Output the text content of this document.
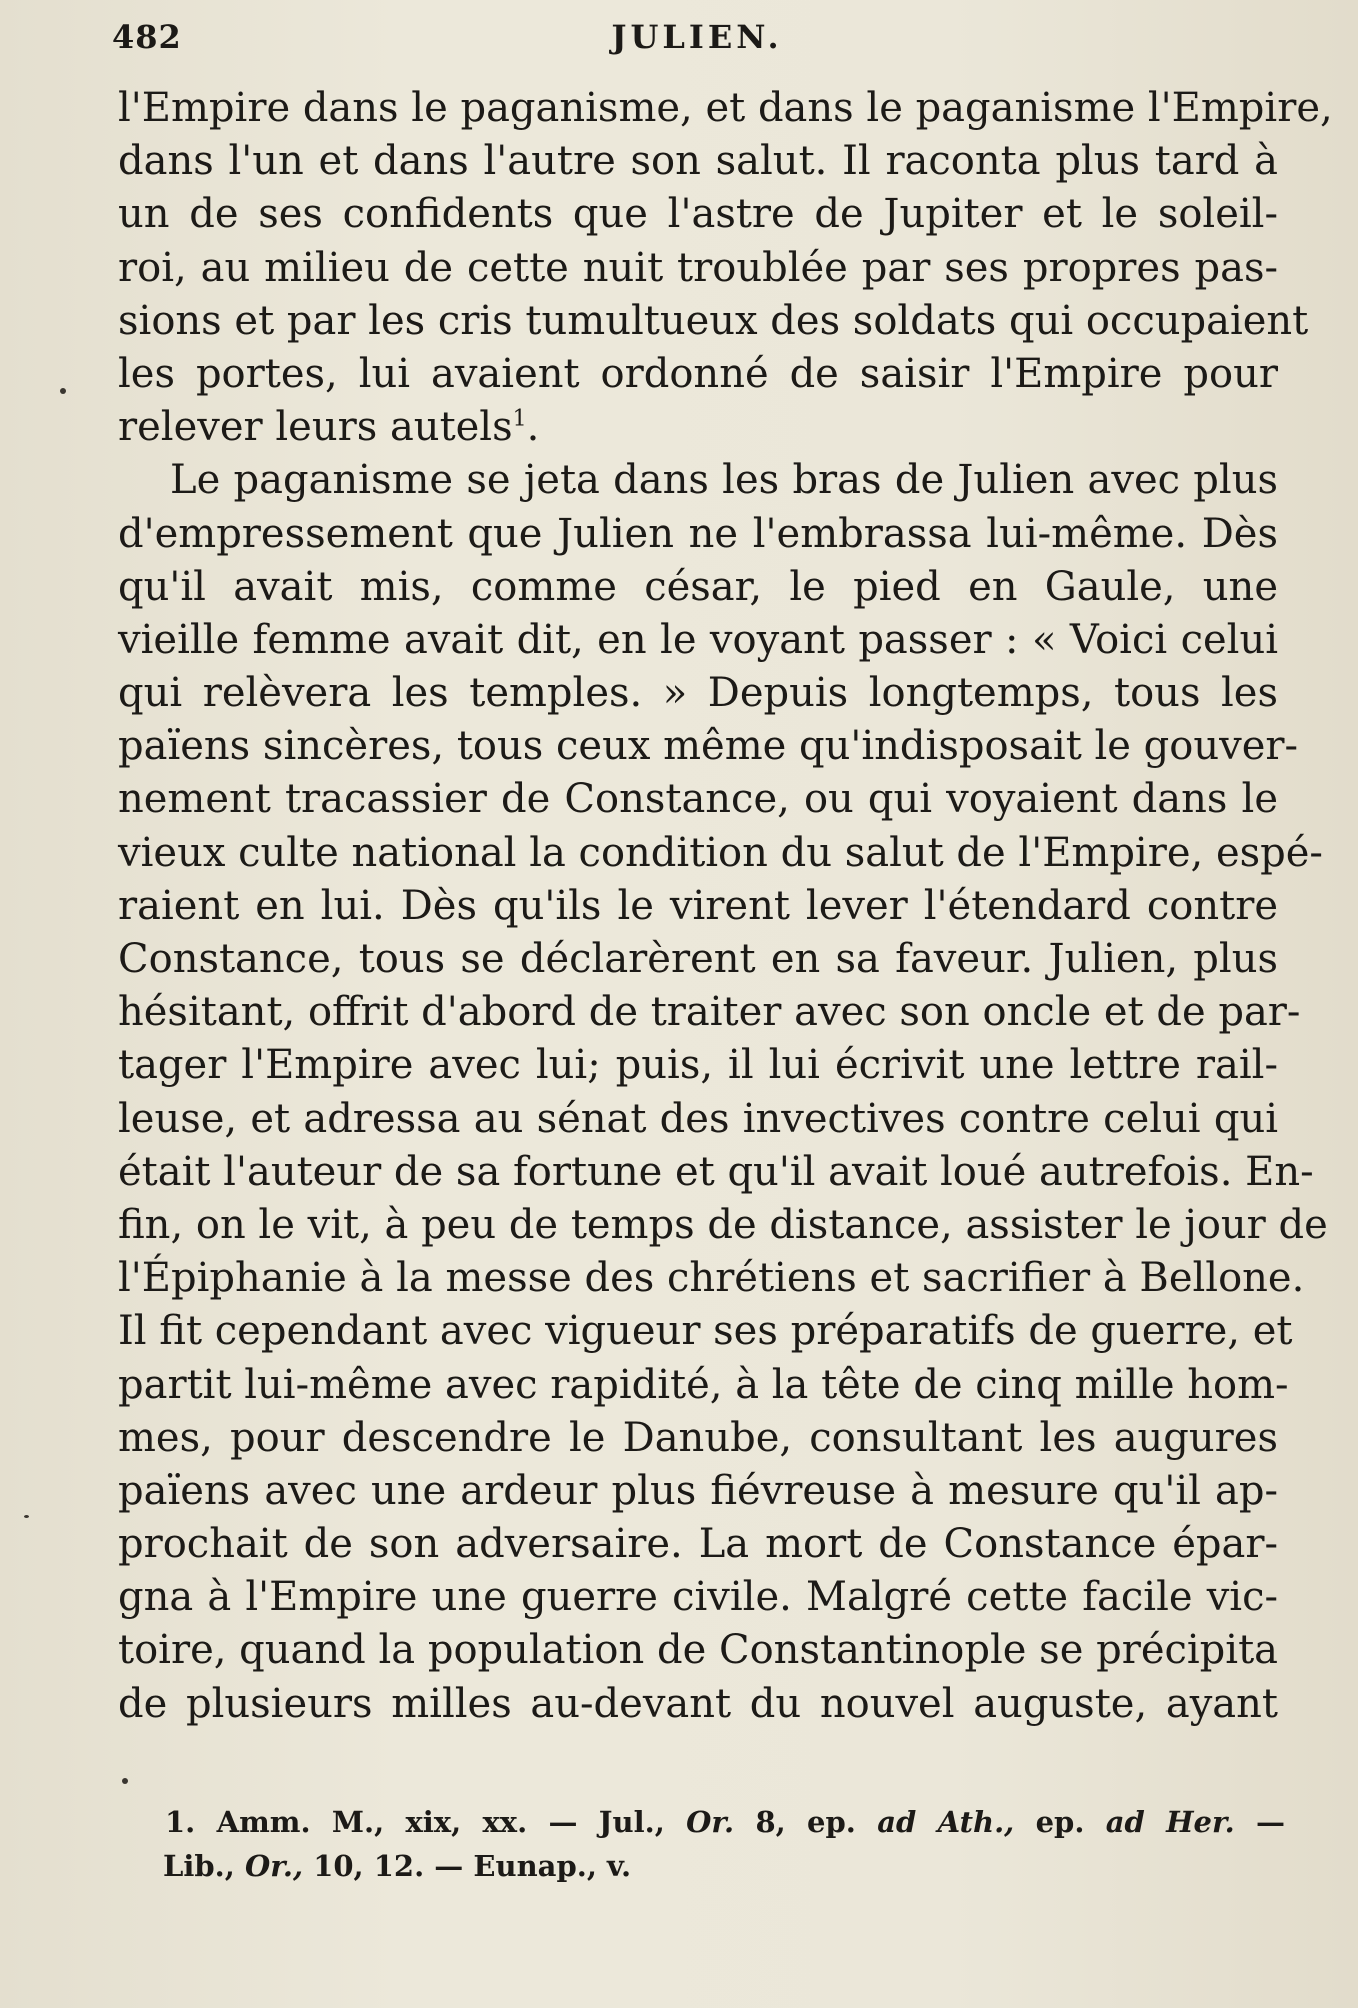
482	JULIEN.
l'Empire dans le paganisme, et dans le paganisme l'Empire,
dans l'un et dans l'autre son salut. Il raconta plus tard à
un de ses confidents que l'astre de Jupiter et le soleil-
roi, au milieu de cette nuit troublée par ses propres pas-
sions et par les cris tumultueux des soldats qui occupaient
les portes, lui avaient ordonné de saisir l'Empire pour
relever leurs autels$^1$.
Le paganisme se jeta dans les bras de Julien avec plus
d'empressement que Julien ne l'embrassa lui-même. Dès
qu'il avait mis, comme césar, le pied en Gaule, une
vieille femme avait dit, en le voyant passer : « Voici celui
qui relèvera les temples. » Depuis longtemps, tous les
païens sincères, tous ceux même qu'indisposait le gouver-
nement tracassier de Constance, ou qui voyaient dans le
vieux culte national la condition du salut de l'Empire, espé-
raient en lui. Dès qu'ils le virent lever l'étendard contre
Constance, tous se déclarèrent en sa faveur. Julien, plus
hésitant, offrit d'abord de traiter avec son oncle et de par-
tager l'Empire avec lui; puis, il lui écrivit une lettre rail-
leuse, et adressa au sénat des invectives contre celui qui
était l'auteur de sa fortune et qu'il avait loué autrefois. En-
fin, on le vit, à peu de temps de distance, assister le jour de
l'Épiphanie à la messe des chrétiens et sacrifier à Bellone.
Il fit cependant avec vigueur ses préparatifs de guerre, et
partit lui-même avec rapidité, à la tête de cinq mille hom-
mes, pour descendre le Danube, consultant les augures
païens avec une ardeur plus fiévreuse à mesure qu'il ap-
prochait de son adversaire. La mort de Constance épar-
gna à l'Empire une guerre civile. Malgré cette facile vic-
toire, quand la population de Constantinople se précipita
de plusieurs milles au-devant du nouvel auguste, ayant
1. Amm. M., xix, xx. — Jul., Or. 8, ep. ad Ath., ep. ad Her. —
Lib., Or., 10, 12. — Eunap., v.
